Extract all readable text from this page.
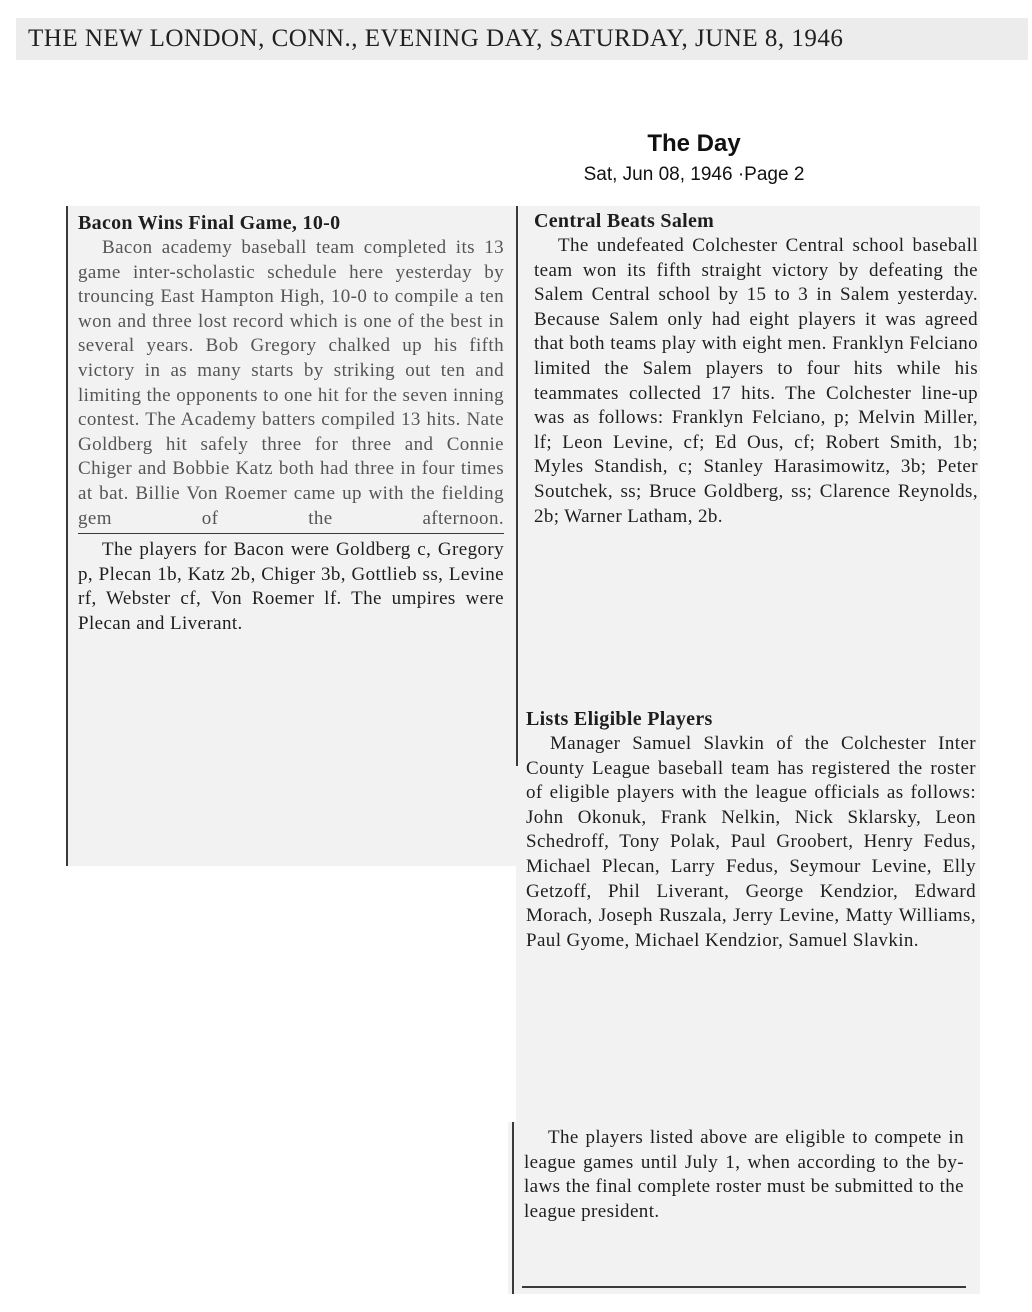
THE NEW LONDON, CONN., EVENING DAY, SATURDAY, JUNE 8, 1946
The Day
Sat, Jun 08, 1946 ·Page 2
Bacon Wins Final Game, 10-0

Bacon academy baseball team completed its 13 game inter-scholastic schedule here yesterday by trouncing East Hampton High, 10-0 to compile a ten won and three lost record which is one of the best in several years. Bob Gregory chalked up his fifth victory in as many starts by striking out ten and limiting the opponents to one hit for the seven inning contest. The Academy batters compiled 13 hits. Nate Goldberg hit safely three for three and Connie Chiger and Bobbie Katz both had three in four times at bat. Billie Von Roemer came up with the fielding gem of the afternoon.

The players for Bacon were Goldberg c, Gregory p, Plecan 1b, Katz 2b, Chiger 3b, Gottlieb ss, Levine rf, Webster cf, Von Roemer lf. The umpires were Plecan and Liverant.

Central Beats Salem

The undefeated Colchester Central school baseball team won its fifth straight victory by defeating the Salem Central school by 15 to 3 in Salem yesterday. Because Salem only had eight players it was agreed that both teams play with eight men. Franklyn Felciano limited the Salem players to four hits while his teammates collected 17 hits. The Colchester line-up was as follows: Franklyn Felciano, p; Melvin Miller, lf; Leon Levine, cf; Ed Ous, cf; Robert Smith, 1b; Myles Standish, c; Stanley Harasimowitz, 3b; Peter Soutchek, ss; Bruce Goldberg, ss; Clarence Reynolds, 2b; Warner Latham, 2b.

Lists Eligible Players

Manager Samuel Slavkin of the Colchester Inter County League baseball team has registered the roster of eligible players with the league officials as follows: John Okonuk, Frank Nelkin, Nick Sklarsky, Leon Schedroff, Tony Polak, Paul Groobert, Henry Fedus, Michael Plecan, Larry Fedus, Seymour Levine, Elly Getzoff, Phil Liverant, George Kendzior, Edward Morach, Joseph Ruszala, Jerry Levine, Matty Williams, Paul Gyome, Michael Kendzior, Samuel Slavkin.

The players listed above are eligible to compete in league games until July 1, when according to the by-laws the final complete roster must be submitted to the league president.
